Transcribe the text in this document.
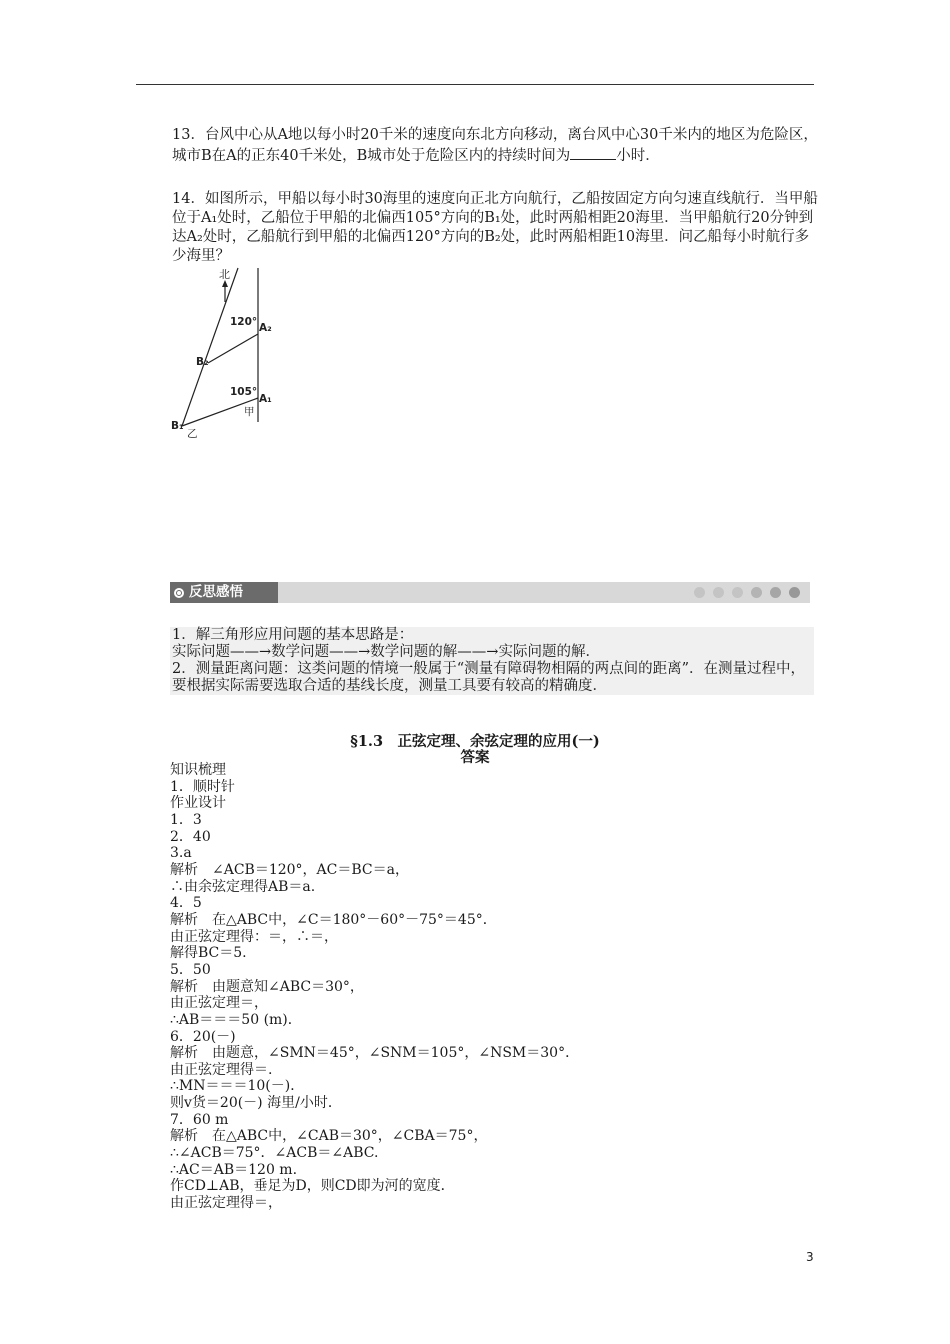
13．台风中心从A地以每小时20千米的速度向东北方向移动，离台风中心30千米内的地区为危险区，城市B在A的正东40千米处，B城市处于危险区内的持续时间为	小时．

14．如图所示，甲船以每小时30海里的速度向正北方向航行，乙船按固定方向匀速直线航行．当甲船位于A₁处时，乙船位于甲船的北偏西105°方向的B₁处，此时两船相距20海里．当甲船航行20分钟到达A₂处时，乙船航行到甲船的北偏西120°方向的B₂处，此时两船相距10海里．问乙船每小时航行多少海里？

北
120° A₂
B₂
105°
A₁
甲
B₁
乙
反思感悟

1．解三角形应用问题的基本思路是：

实际问题——→数学问题——→数学问题的解——→实际问题的解．

2．测量距离问题：这类问题的情境一般属于“测量有障碍物相隔的两点间的距离”．在测量过程中，要根据实际需要选取合适的基线长度，测量工具要有较高的精确度．

§1.3　正弦定理、余弦定理的应用(一)
答案

知识梳理

1．顺时针

作业设计

1．3

2．40

3.a

解析　∠ACB＝120°，AC＝BC＝a，

∴由余弦定理得AB＝a.

4．5

解析　在△ABC中，∠C＝180°－60°－75°＝45°．

由正弦定理得：＝，∴＝，

解得BC＝5.

5．50

解析　由题意知∠ABC＝30°，

由正弦定理＝，

∴AB＝＝＝50 (m)．

6．20(－)

解析　由题意，∠SMN＝45°，∠SNM＝105°，∠NSM＝30°．

由正弦定理得＝.

∴MN＝＝＝10(－)．

则v货＝20(－) 海里/小时．

7．60 m

解析　在△ABC中，∠CAB＝30°，∠CBA＝75°，

∴∠ACB＝75°．∠ACB＝∠ABC.

∴AC＝AB＝120 m.

作CD⊥AB，垂足为D，则CD即为河的宽度．

由正弦定理得＝，

3
